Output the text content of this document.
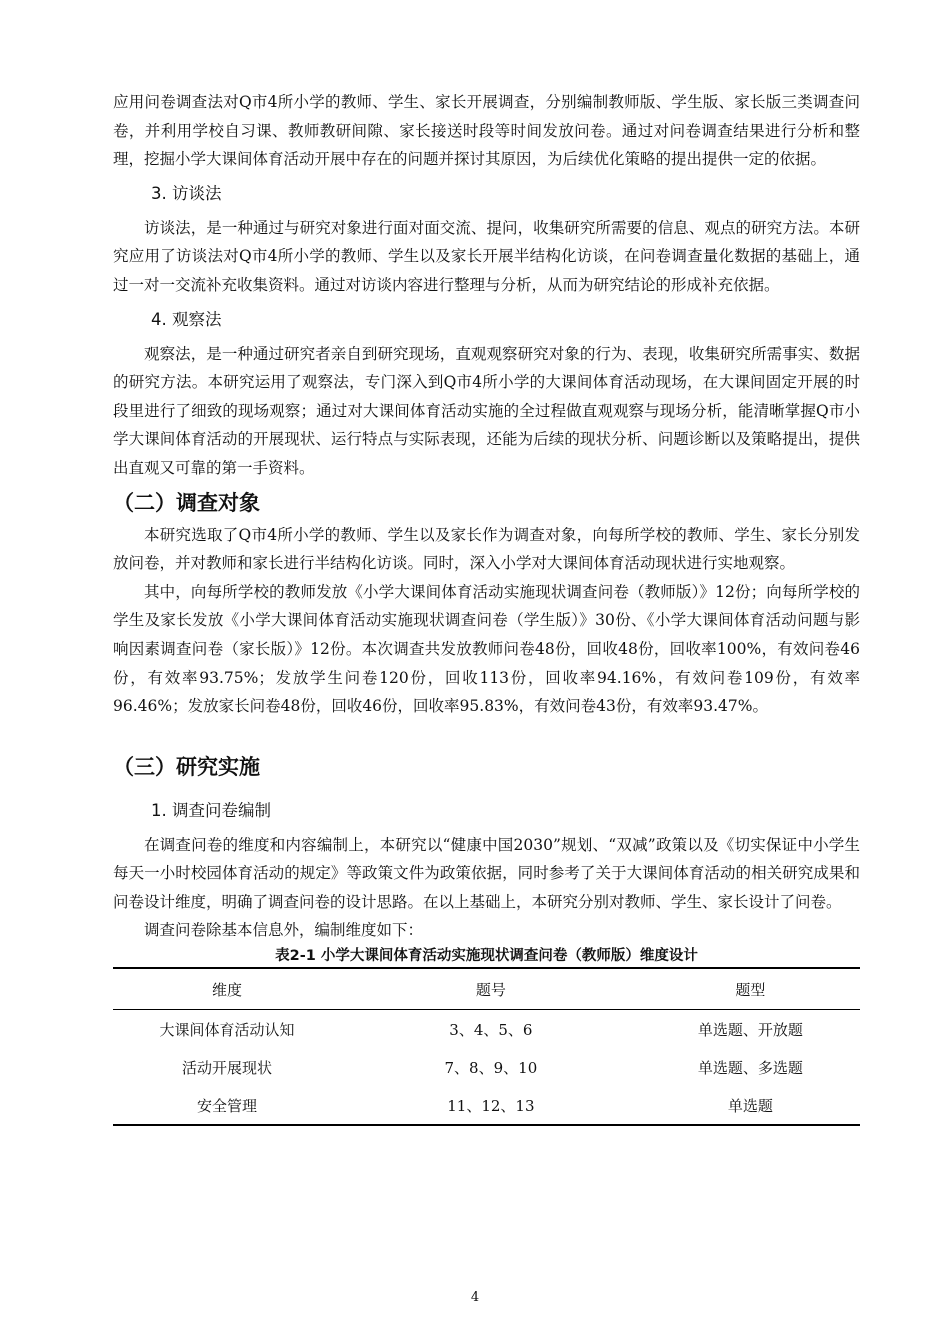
应用问卷调查法对Q市4所小学的教师、学生、家长开展调查，分别编制教师版、学生版、家长版三类调查问卷，并利用学校自习课、教师教研间隙、家长接送时段等时间发放问卷。通过对问卷调查结果进行分析和整理，挖掘小学大课间体育活动开展中存在的问题并探讨其原因，为后续优化策略的提出提供一定的依据。

3. 访谈法

访谈法，是一种通过与研究对象进行面对面交流、提问，收集研究所需要的信息、观点的研究方法。本研究应用了访谈法对Q市4所小学的教师、学生以及家长开展半结构化访谈，在问卷调查量化数据的基础上，通过一对一交流补充收集资料。通过对访谈内容进行整理与分析，从而为研究结论的形成补充依据。

4. 观察法

观察法，是一种通过研究者亲自到研究现场，直观观察研究对象的行为、表现，收集研究所需事实、数据的研究方法。本研究运用了观察法，专门深入到Q市4所小学的大课间体育活动现场，在大课间固定开展的时段里进行了细致的现场观察；通过对大课间体育活动实施的全过程做直观观察与现场分析，能清晰掌握Q市小学大课间体育活动的开展现状、运行特点与实际表现，还能为后续的现状分析、问题诊断以及策略提出，提供出直观又可靠的第一手资料。

（二）调查对象

本研究选取了Q市4所小学的教师、学生以及家长作为调查对象，向每所学校的教师、学生、家长分别发放问卷，并对教师和家长进行半结构化访谈。同时，深入小学对大课间体育活动现状进行实地观察。

其中，向每所学校的教师发放《小学大课间体育活动实施现状调查问卷（教师版）》12份；向每所学校的学生及家长发放《小学大课间体育活动实施现状调查问卷（学生版）》30份、《小学大课间体育活动问题与影响因素调查问卷（家长版）》12份。本次调查共发放教师问卷48份，回收48份，回收率100%，有效问卷46份，有效率93.75%；发放学生问卷120份，回收113份，回收率94.16%，有效问卷109份，有效率96.46%；发放家长问卷48份，回收46份，回收率95.83%，有效问卷43份，有效率93.47%。

（三）研究实施

1. 调查问卷编制

在调查问卷的维度和内容编制上，本研究以“健康中国2030”规划、“双减”政策以及《切实保证中小学生每天一小时校园体育活动的规定》等政策文件为政策依据，同时参考了关于大课间体育活动的相关研究成果和问卷设计维度，明确了调查问卷的设计思路。在以上基础上，本研究分别对教师、学生、家长设计了问卷。

调查问卷除基本信息外，编制维度如下：

表2-1 小学大课间体育活动实施现状调查问卷（教师版）维度设计

维度	题号	题型
大课间体育活动认知	3、4、5、6	单选题、开放题
活动开展现状	7、8、9、10	单选题、多选题
安全管理	11、12、13	单选题
4
